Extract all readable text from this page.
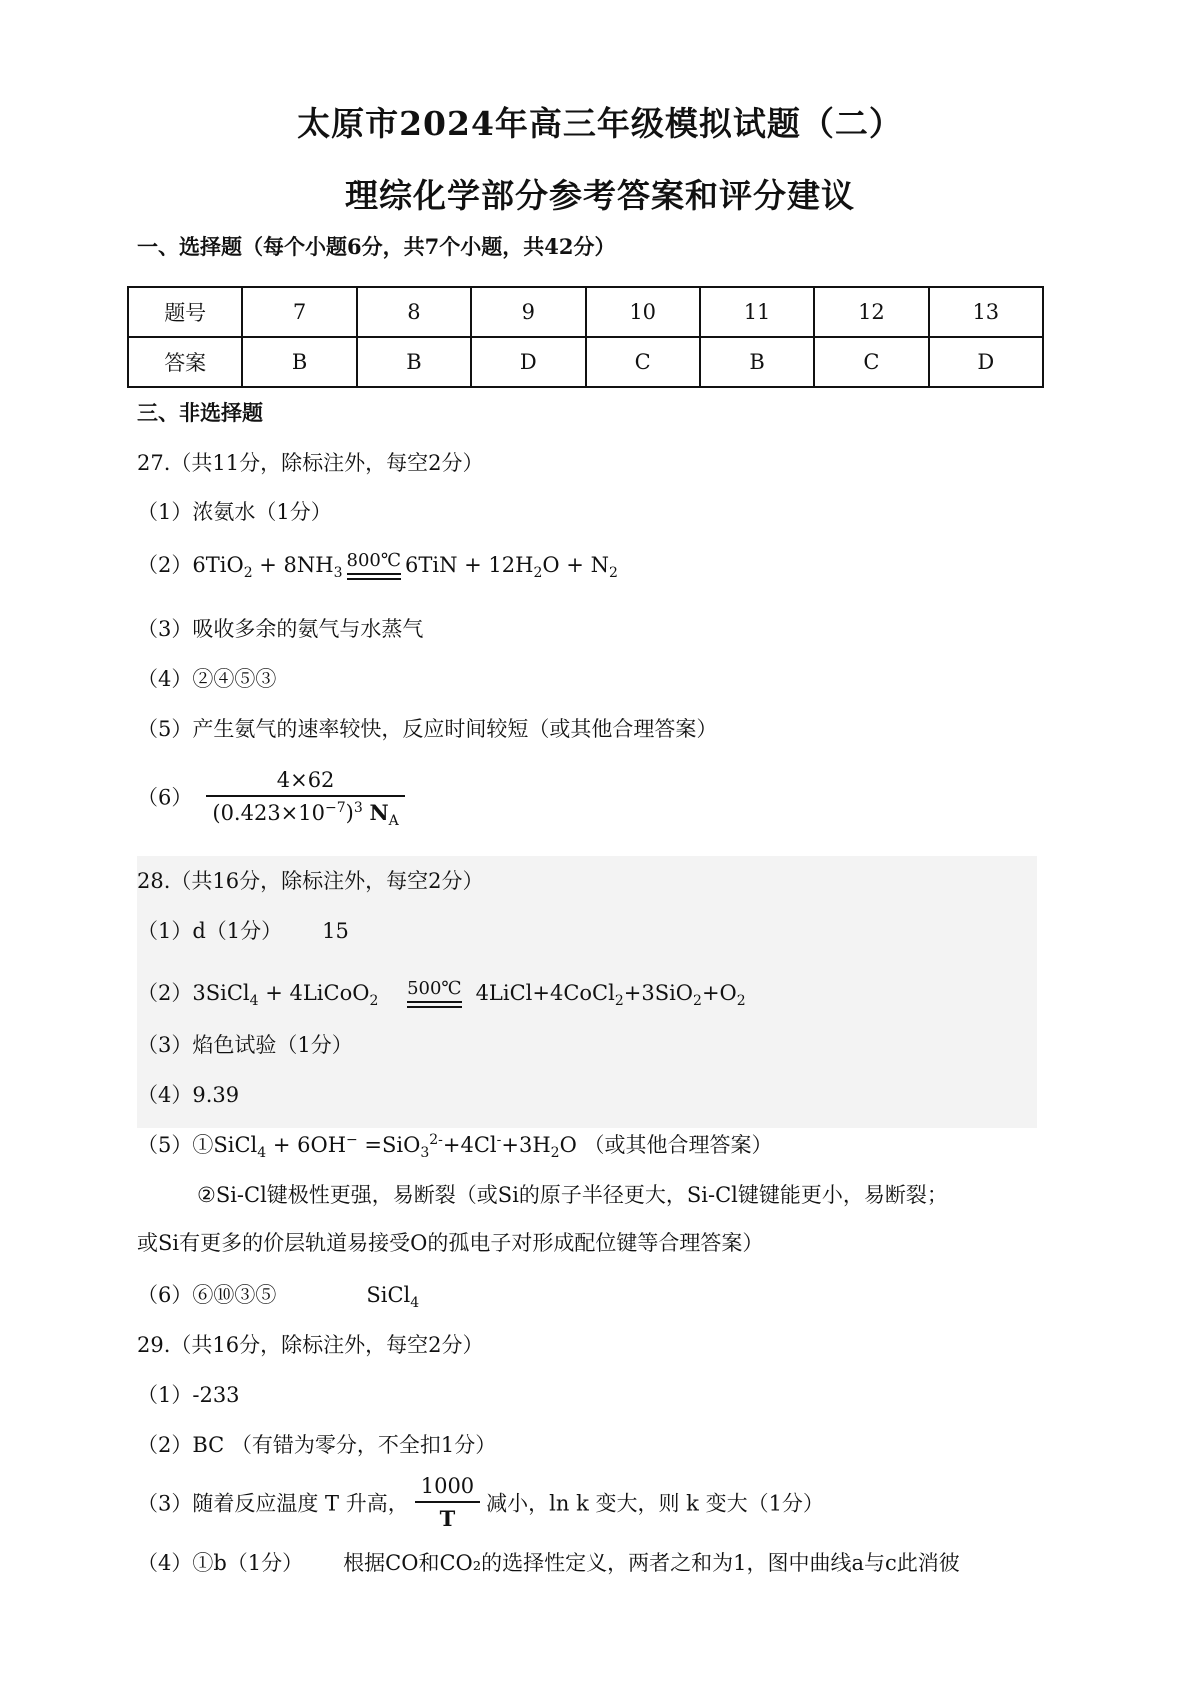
太原市2024年高三年级模拟试题（二）
理综化学部分参考答案和评分建议
一、选择题（每个小题6分，共7个小题，共42分）
题号	7	8	9	10	11	12	13
答案	B	B	D	C	B	C	D
三、非选择题
27.（共11分，除标注外，每空2分）
（1）浓氨水（1分）
$(2)6TiO_2 + 8NH_3$
800℃ $6TiN + 12H_2O + N_2$
（3）吸收多余的氨气与水蒸气
（4）②④⑤③
（5）产生氨气的速率较快，反应时间较短（或其他合理答案）
$(6) \frac{4\times 62}{(0.423\times 10^{-7})^3 N_A}$
28.（共16分，除标注外，每空2分）
（1）d（1分） 15
（2）3SiCl$_4$ + 4LiCoO$_2$
500℃ $4LiCl+4CoCl_2+3SiO_2+O_2$
（3）焰色试验（1分）
（4）9.39
（5）①SiCl$_4$ + $6OH^- =SiO_3^{2-}+4Cl^-+3H_2O$ （或其他合理答案）
②Si-Cl键极性更强，易断裂（或Si的原子半径更大，Si-Cl键键能更小，易断裂；
或Si有更多的价层轨道易接受O的孤电子对形成配位键等合理答案）
（6）⑥⑩③⑤	SiCl$_4$
29.（共16分，除标注外，每空2分）
（1）-233
（2）BC （有错为零分，不全扣1分）
（3）随着反应温度 T 升高， $\frac{1000}{T}$ 减小，ln k 变大，则 k 变大（1分）
（4）①b（1分） 根据CO和CO₂的选择性定义，两者之和为1，图中曲线a与c此消彼
